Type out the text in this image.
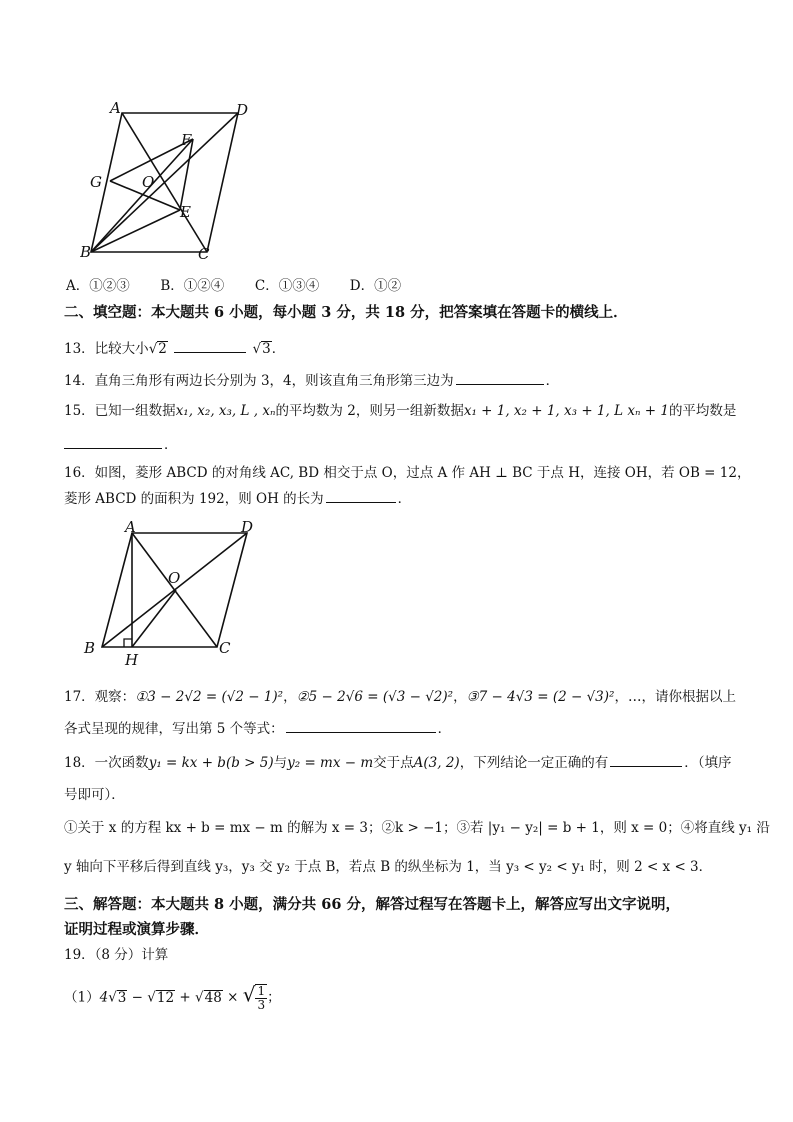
A	D
F
G	O
E
B	C
A．①②③ B．①②④ C．①③④ D．①②
二、填空题：本大题共 6 小题，每小题 3 分，共 18 分，把答案填在答题卡的横线上．
13．比较大小√2	√3．
14．直角三角形有两边长分别为 3，4，则该直角三角形第三边为	．
15．已知一组数据x₁, x₂, x₃, L , xₙ的平均数为 2，则另一组新数据x₁ + 1, x₂ + 1, x₃ + 1, L xₙ + 1的平均数是
．
16．如图，菱形 ABCD 的对角线 AC, BD 相交于点 O，过点 A 作 AH ⊥ BC 于点 H，连接 OH，若 OB = 12，
菱形 ABCD 的面积为 192，则 OH 的长为	．
A	D
O
B
H
C
17．观察：①3 − 2√2 = (√2 − 1)²，②5 − 2√6 = (√3 − √2)²，③7 − 4√3 = (2 − √3)²，…，请你根据以上
各式呈现的规律，写出第 5 个等式：	．
18．一次函数y₁ = kx + b(b > 5)与y₂ = mx − m交于点A(3, 2)，下列结论一定正确的有	．（填序
号即可）．
①关于 x 的方程 kx + b = mx − m 的解为 x = 3；②k > −1；③若 |y₁ − y₂| = b + 1，则 x = 0；④将直线 y₁ 沿
y 轴向下平移后得到直线 y₃，y₃ 交 y₂ 于点 B，若点 B 的纵坐标为 1，当 y₃ < y₂ < y₁ 时，则 2 < x < 3．
三、解答题：本大题共 8 小题，满分共 66 分，解答过程写在答题卡上，解答应写出文字说明，
证明过程或演算步骤．
19．（8 分）计算
（1）4√3 − √12 + √48 × √ $\frac{1}{3}$ ；
